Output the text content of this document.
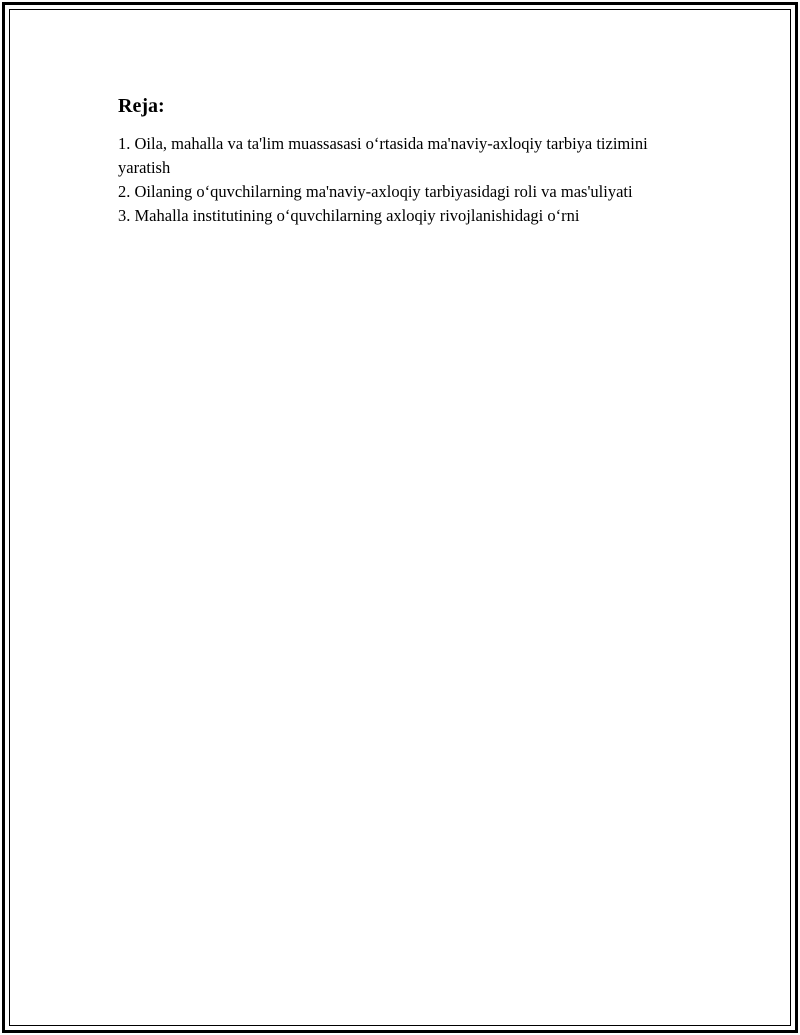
Reja:
1. Oila, mahalla va ta'lim muassasasi o‘rtasida ma'naviy-axloqiy tarbiya tizimini yaratish
2. Oilaning o‘quvchilarning ma'naviy-axloqiy tarbiyasidagi roli va mas'uliyati
3. Mahalla institutining o‘quvchilarning axloqiy rivojlanishidagi o‘rni
